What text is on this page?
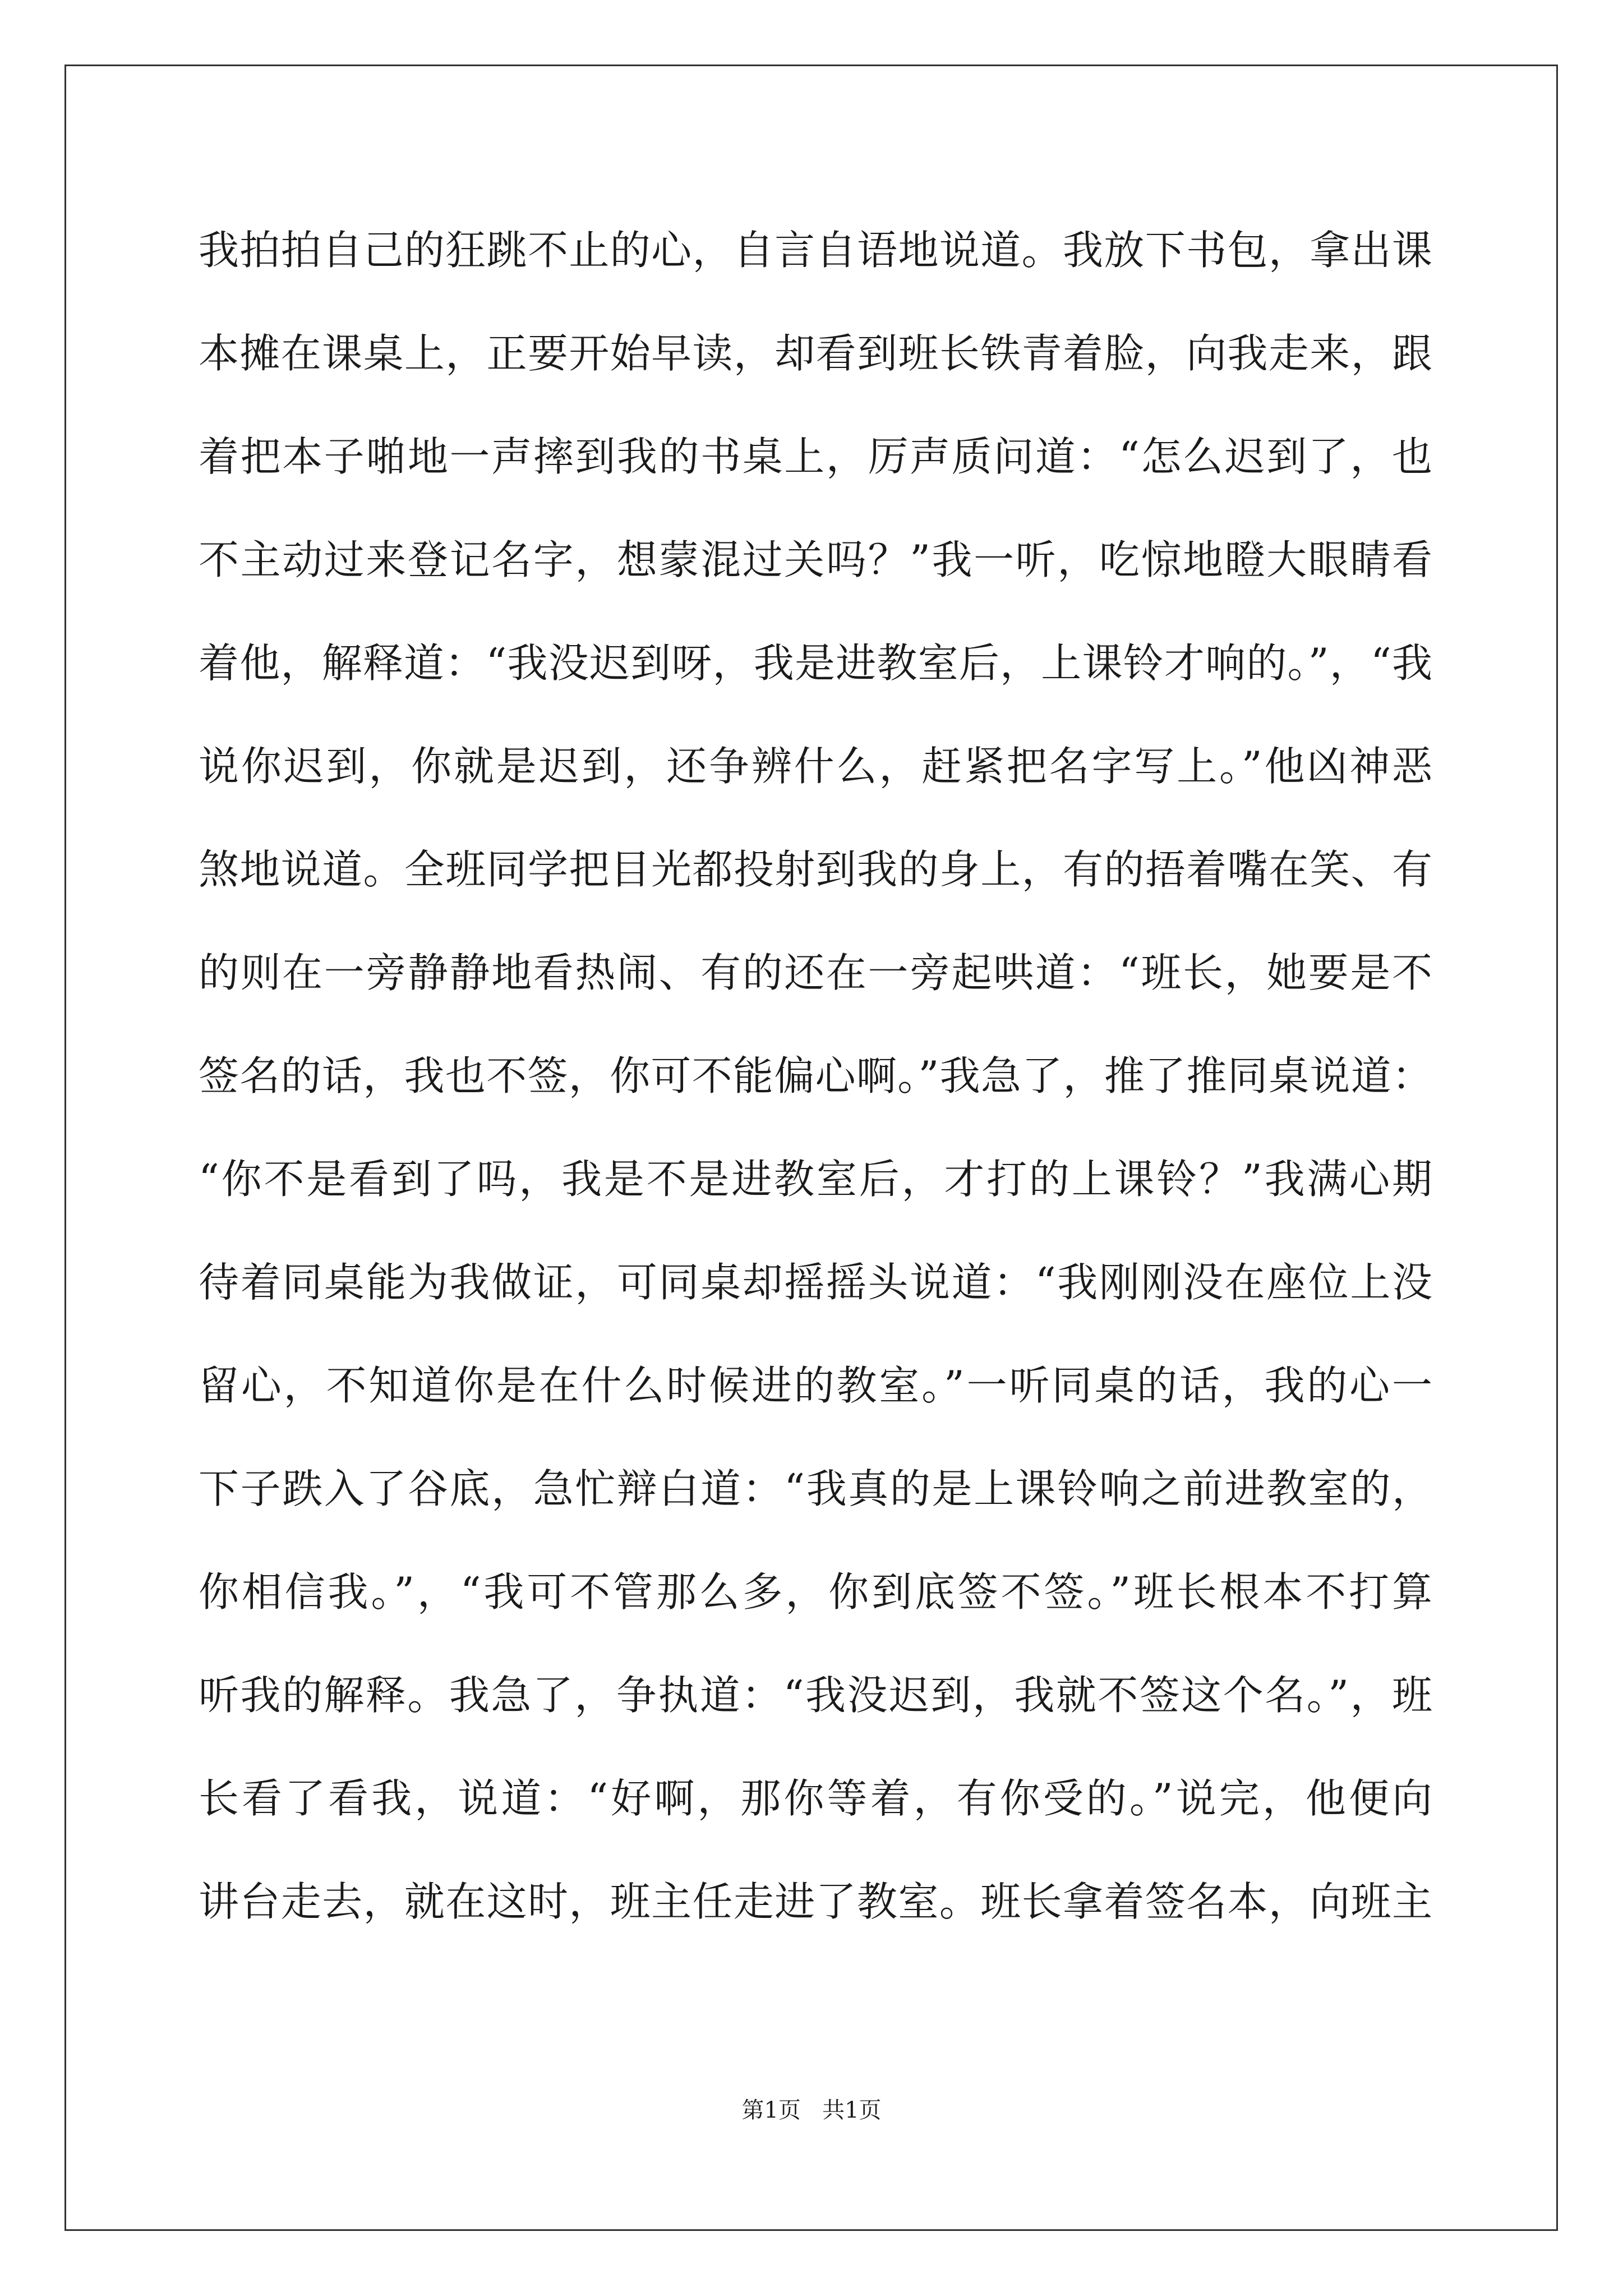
我拍拍自己的狂跳不止的心，自言自语地说道。我放下书包，拿出课
本摊在课桌上，正要开始早读，却看到班长铁青着脸，向我走来，跟
着把本子啪地一声摔到我的书桌上，厉声质问道：“怎么迟到了，也
不主动过来登记名字，想蒙混过关吗？”我一听，吃惊地瞪大眼睛看
着他，解释道：“我没迟到呀，我是进教室后，上课铃才响的。”，“我
说你迟到，你就是迟到，还争辨什么，赶紧把名字写上。”他凶神恶
煞地说道。全班同学把目光都投射到我的身上，有的捂着嘴在笑、有
的则在一旁静静地看热闹、有的还在一旁起哄道：“班长，她要是不
签名的话，我也不签，你可不能偏心啊。”我急了，推了推同桌说道：
“你不是看到了吗，我是不是进教室后，才打的上课铃？”我满心期
待着同桌能为我做证，可同桌却摇摇头说道：“我刚刚没在座位上没
留心，不知道你是在什么时候进的教室。”一听同桌的话，我的心一
下子跌入了谷底，急忙辩白道：“我真的是上课铃响之前进教室的，
你相信我。”，“我可不管那么多，你到底签不签。”班长根本不打算
听我的解释。我急了，争执道：“我没迟到，我就不签这个名。”，班
长看了看我，说道：“好啊，那你等着，有你受的。”说完，他便向
讲台走去，就在这时，班主任走进了教室。班长拿着签名本，向班主
第1页 共1页
